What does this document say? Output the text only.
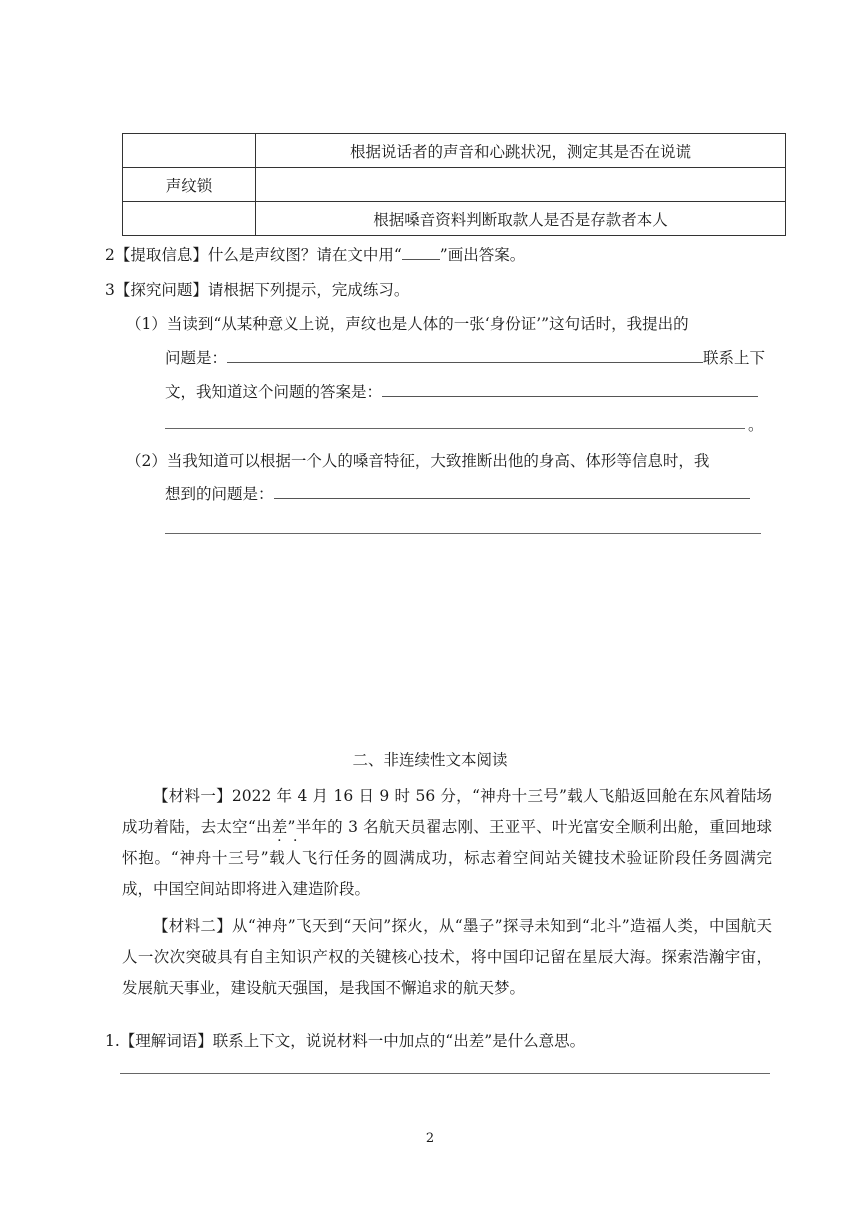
	根据说话者的声音和心跳状况，测定其是否在说谎
声纹锁	
	根据嗓音资料判断取款人是否是存款者本人
2【提取信息】什么是声纹图？请在文中用“ ”画出答案。
3【探究问题】请根据下列提示，完成练习。
（1）当读到“从某种意义上说，声纹也是人体的一张‘身份证’”这句话时，我提出的
问题是：	联系上下
文，我知道这个问题的答案是：
。
（2）当我知道可以根据一个人的嗓音特征，大致推断出他的身高、体形等信息时，我
想到的问题是：
二、非连续性文本阅读
【材料一】2022 年 4 月 16 日 9 时 56 分，“神舟十三号”载人飞船返回舱在东风着陆场成功着陆，去太空“出差”半年的 3 名航天员翟志刚、王亚平、叶光富安全顺利出舱，重回地球怀抱。“神舟十三号”载人飞行任务的圆满成功，标志着空间站关键技术验证阶段任务圆满完成，中国空间站即将进入建造阶段。
【材料二】从“神舟”飞天到“天问”探火，从“墨子”探寻未知到“北斗”造福人类，中国航天人一次次突破具有自主知识产权的关键核心技术，将中国印记留在星辰大海。探索浩瀚宇宙，发展航天事业，建设航天强国，是我国不懈追求的航天梦。
1.【理解词语】联系上下文，说说材料一中加点的“出差”是什么意思。
2
